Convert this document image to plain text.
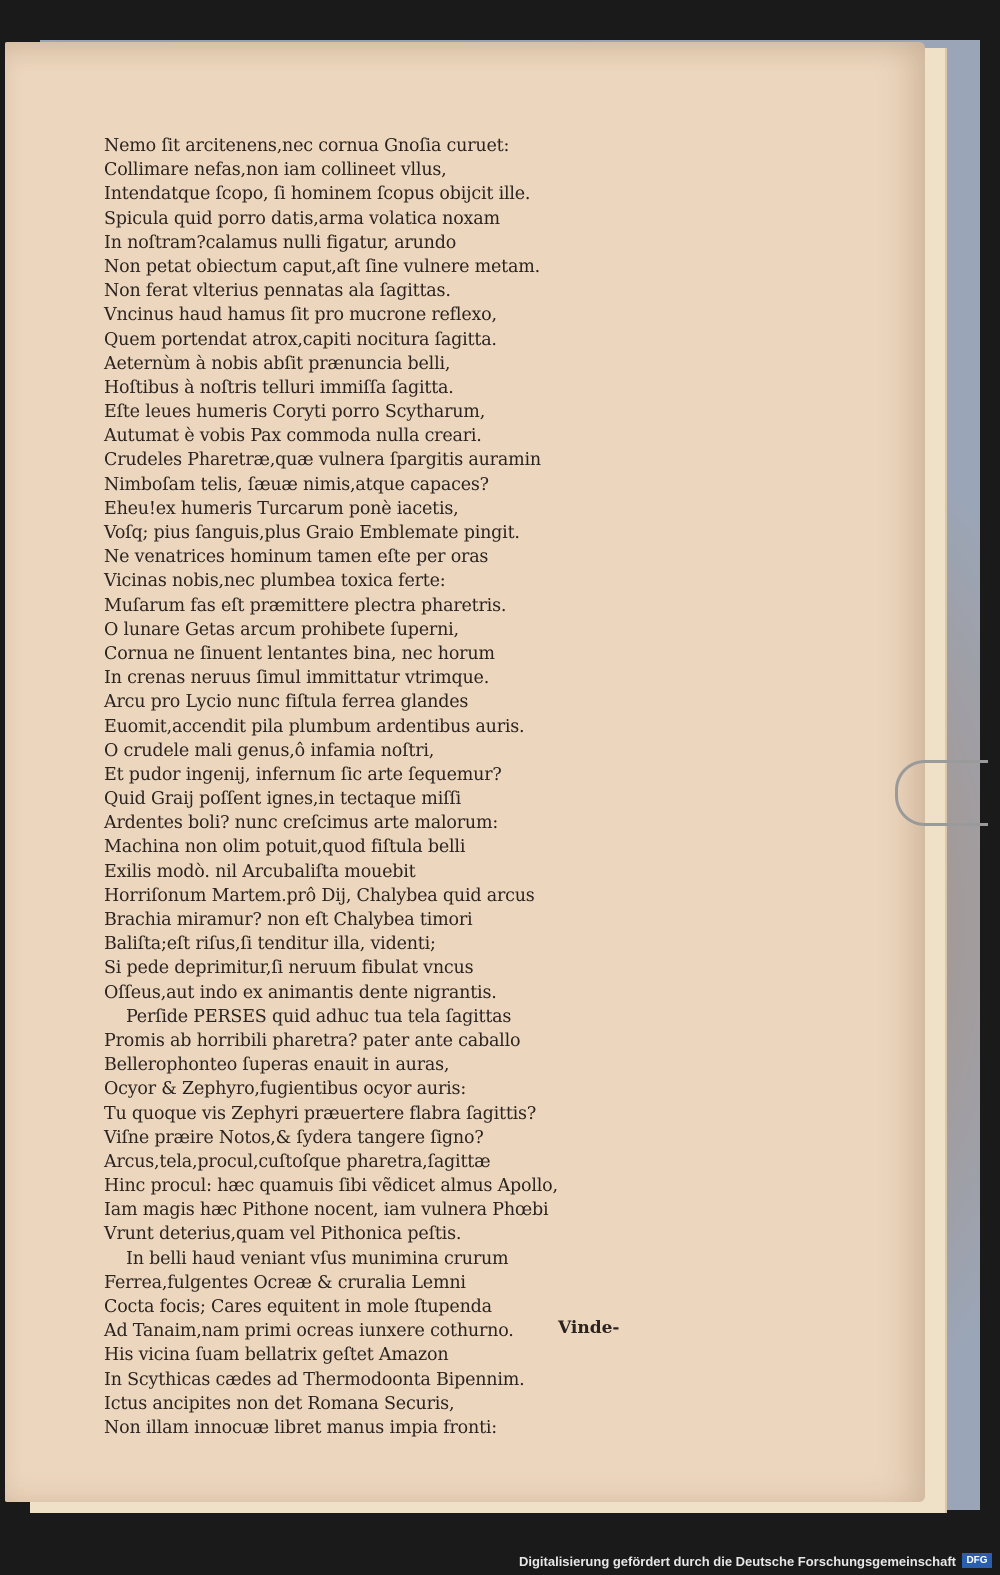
Nemo ſit arcitenens,nec cornua Gnoſia curuet:
Collimare nefas,non iam collineet vllus,
Intendatque ſcopo, ſi hominem ſcopus obijcit ille.
Spicula quid porro datis,arma volatica noxam
In noſtram?calamus nulli figatur, arundo
Non petat obiectum caput,aſt ſine vulnere metam.
Non ferat vlterius pennatas ala ſagittas.
Vncinus haud hamus ſit pro mucrone reflexo,
Quem portendat atrox,capiti nocitura ſagitta.
Aeternùm à nobis abſit prænuncia belli,
Hoſtibus à noſtris telluri immiſſa ſagitta.
Eſte leues humeris Coryti porro Scytharum,
Autumat è vobis Pax commoda nulla creari.
Crudeles Pharetræ,quæ vulnera ſpargitis auramin
Nimboſam telis, ſæuæ nimis,atque capaces?
Eheu!ex humeris Turcarum ponè iacetis,
Voſq; pius ſanguis,plus Graio Emblemate pingit.
Ne venatrices hominum tamen eſte per oras
Vicinas nobis,nec plumbea toxica ferte:
Muſarum fas eſt præmittere plectra pharetris.
O lunare Getas arcum prohibete ſuperni,
Cornua ne ſinuent lentantes bina, nec horum
In crenas neruus ſimul immittatur vtrimque.
Arcu pro Lycio nunc fiſtula ferrea glandes
Euomit,accendit pila plumbum ardentibus auris.
O crudele mali genus,ô infamia noſtri,
Et pudor ingenij, infernum ſic arte ſequemur?
Quid Graij poſſent ignes,in tectaque miſſi
Ardentes boli? nunc creſcimus arte malorum:
Machina non olim potuit,quod fiſtula belli
Exilis modò. nil Arcubaliſta mouebit
Horriſonum Martem.prô Dij, Chalybea quid arcus
Brachia miramur? non eſt Chalybea timori
Baliſta;eſt riſus,ſi tenditur illa, videnti;
Si pede deprimitur,ſi neruum fibulat vncus
Oſſeus,aut indo ex animantis dente nigrantis.
Perſide PERSES quid adhuc tua tela ſagittas
Promis ab horribili pharetra? pater ante caballo
Bellerophonteo ſuperas enauit in auras,
Ocyor & Zephyro,fugientibus ocyor auris:
Tu quoque vis Zephyri præuertere flabra ſagittis?
Viſne præire Notos,& ſydera tangere ſigno?
Arcus,tela,procul,cuſtoſque pharetra,ſagittæ
Hinc procul: hæc quamuis ſibi vẽdicet almus Apollo,
Iam magis hæc Pithone nocent, iam vulnera Phœbi
Vrunt deterius,quam vel Pithonica peſtis.
In belli haud veniant vſus munimina crurum
Ferrea,fulgentes Ocreæ & cruralia Lemni
Cocta focis; Cares equitent in mole ſtupenda
Ad Tanaim,nam primi ocreas iunxere cothurno.
His vicina ſuam bellatrix geſtet Amazon
In Scythicas cædes ad Thermodoonta Bipennim.
Ictus ancipites non det Romana Securis,
Non illam innocuæ libret manus impia fronti:
Vinde-
Digitalisierung gefördert durch die Deutsche Forschungsgemeinschaft	DFG
